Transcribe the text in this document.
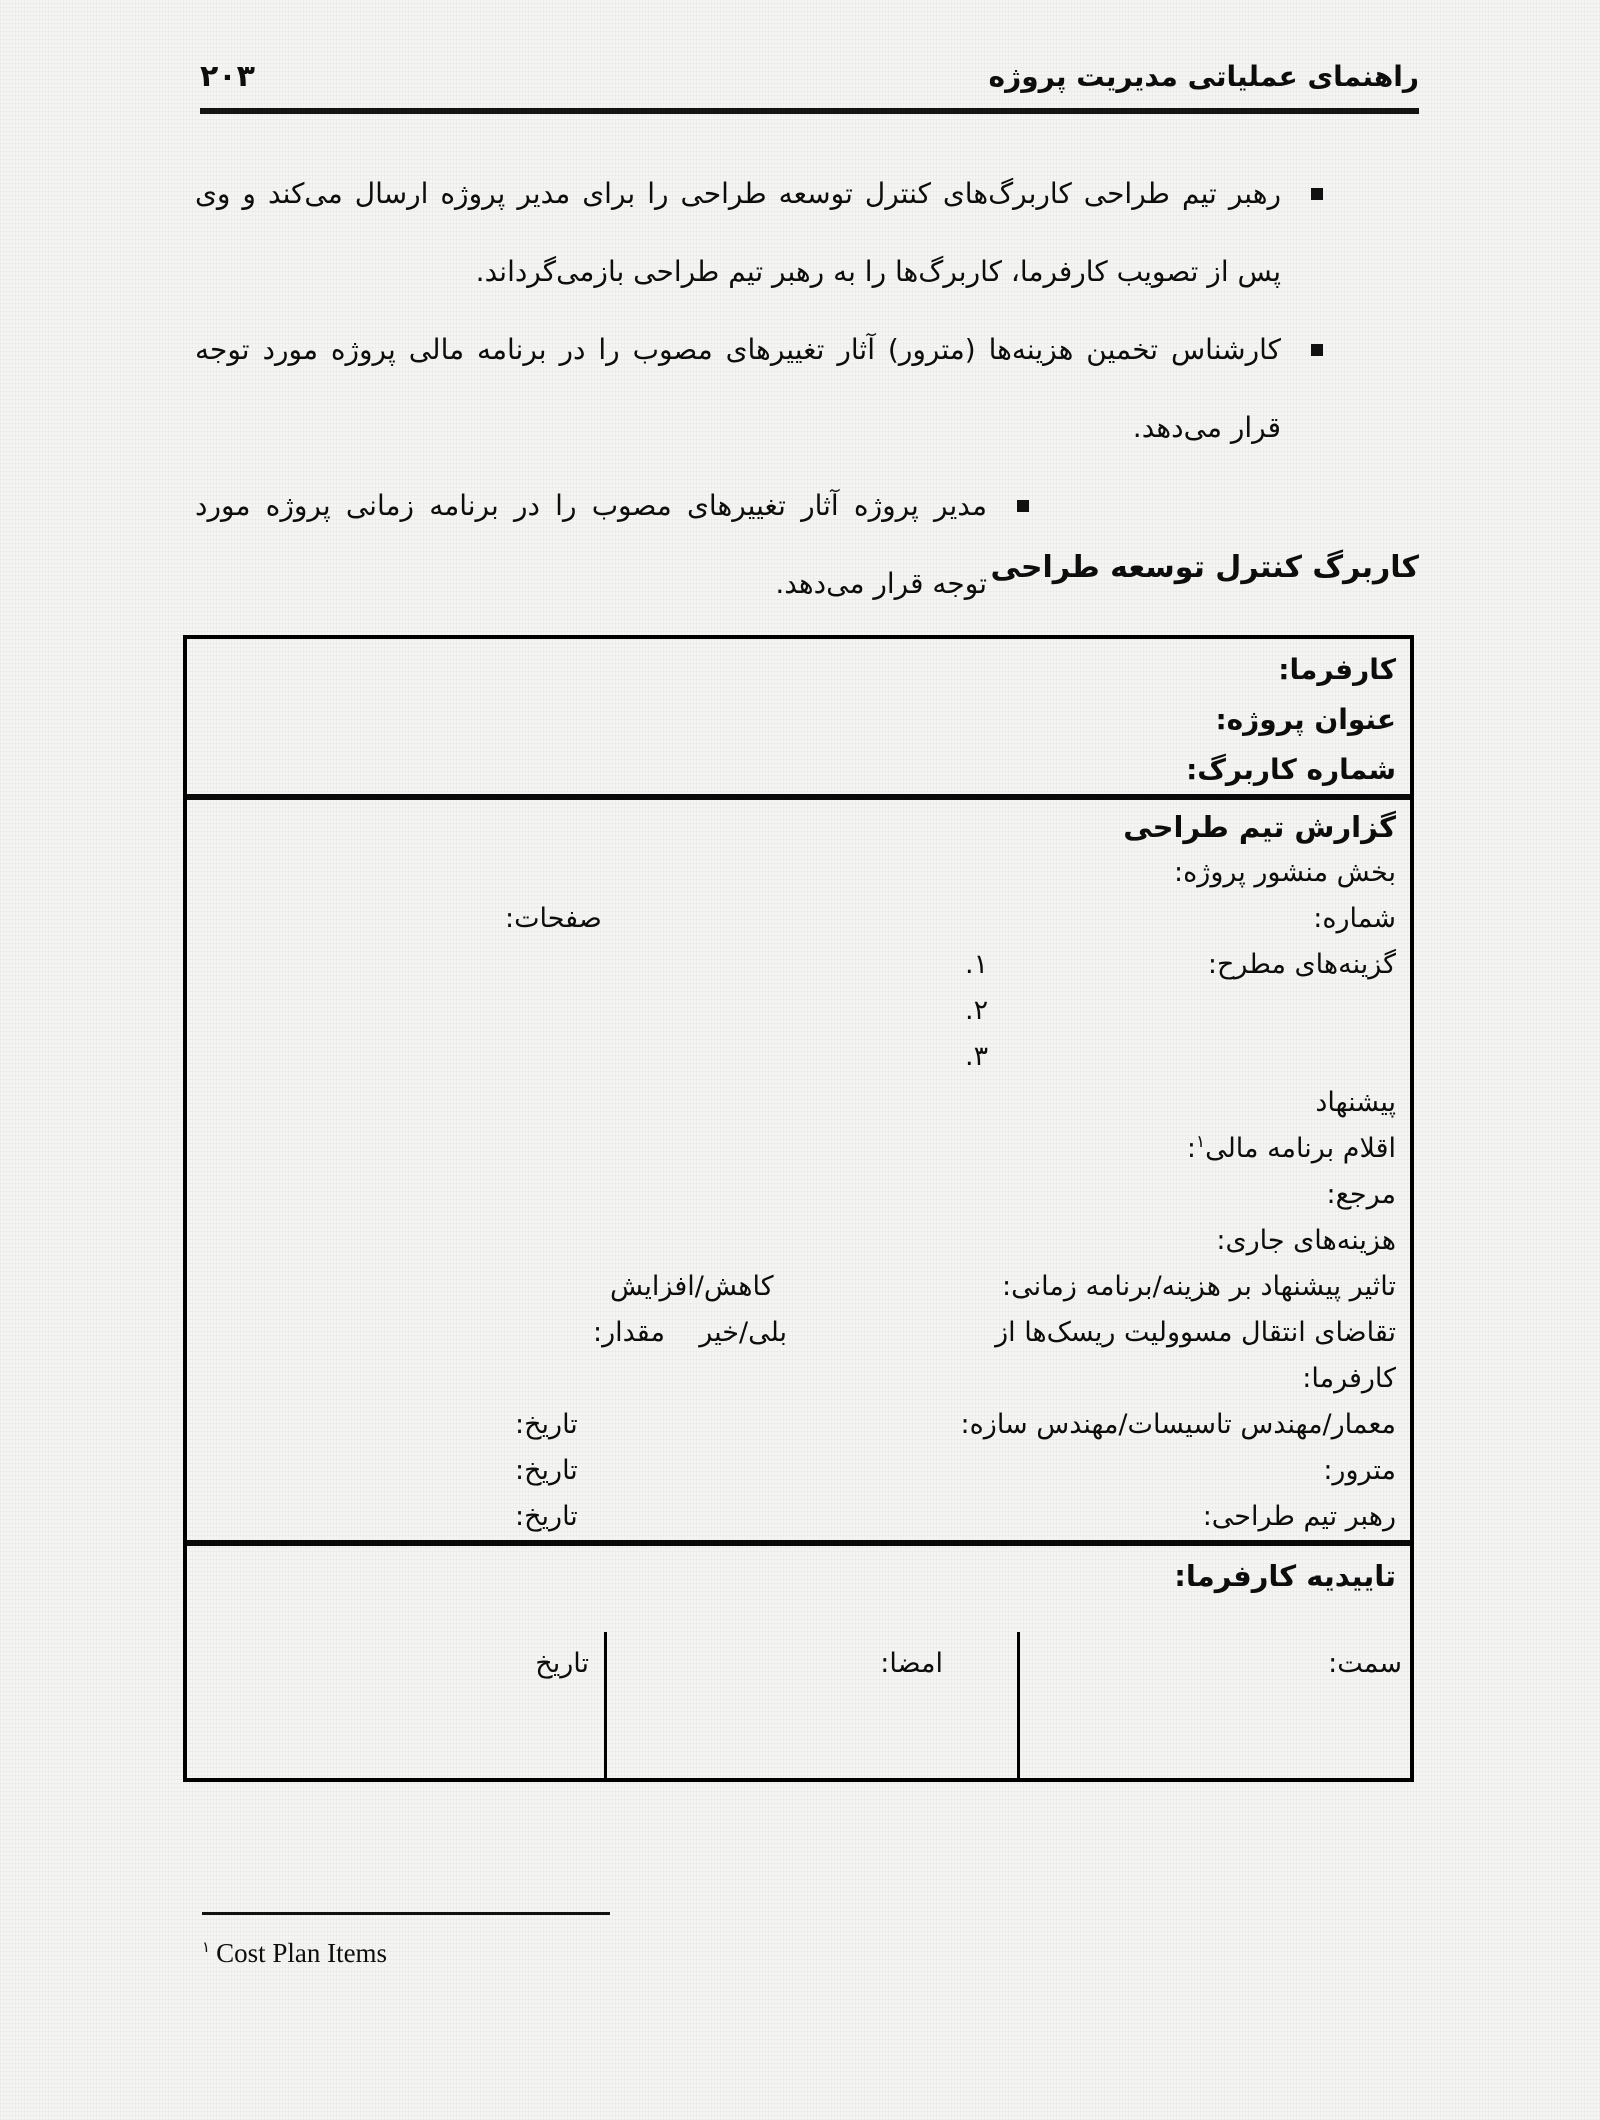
راهنمای عملیاتی مدیریت پروژه
۲۰۳
رهبر تیم طراحی کاربرگ‌های کنترل توسعه طراحی را برای مدیر پروژه ارسال می‌کند و وی پس از تصویب کارفرما، کاربرگ‌ها را به رهبر تیم طراحی بازمی‌گرداند.
کارشناس تخمین هزینه‌ها (مترور) آثار تغییرهای مصوب را در برنامه مالی پروژه مورد توجه قرار می‌دهد.
مدیر پروژه آثار تغییرهای مصوب را در برنامه زمانی پروژه مورد توجه قرار می‌دهد. کاربرگ کنترل توسعه طراحی
کارفرما:
عنوان پروژه:
شماره کاربرگ:
گزارش تیم طراحی
بخش منشور پروژه:
شماره:
صفحات:
گزینه‌های مطرح:
۱.
۲.
۳.
پیشنهاد
اقلام برنامه مالی$^۱$:
مرجع:
هزینه‌های جاری:
تاثیر پیشنهاد بر هزینه/برنامه زمانی:
کاهش/افزایش
تقاضای انتقال مسوولیت ریسک‌ها از
بلی/خیر    مقدار:
کارفرما:
معمار/مهندس تاسیسات/مهندس سازه:
تاریخ:
مترور:
تاریخ:
رهبر تیم طراحی:
تاریخ:
تاییدیه کارفرما:
سمت:
امضا:
تاریخ
$^۱$ Cost Plan Items
